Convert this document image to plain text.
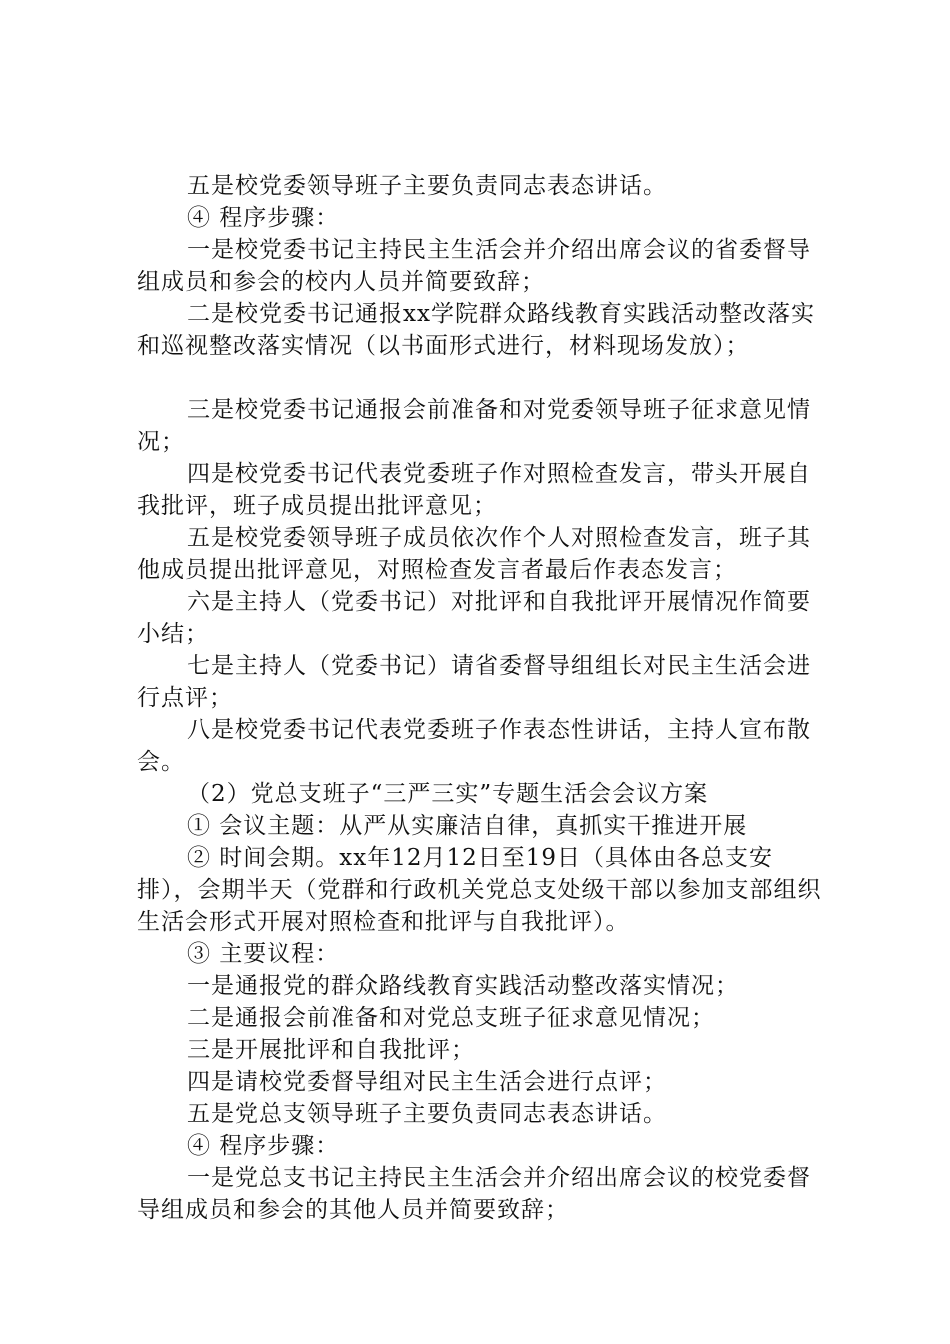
五是校党委领导班子主要负责同志表态讲话。

④ 程序步骤：

一是校党委书记主持民主生活会并介绍出席会议的省委督导组成员和参会的校内人员并简要致辞；

二是校党委书记通报xx学院群众路线教育实践活动整改落实和巡视整改落实情况（以书面形式进行，材料现场发放）；

三是校党委书记通报会前准备和对党委领导班子征求意见情况；

四是校党委书记代表党委班子作对照检查发言，带头开展自我批评，班子成员提出批评意见；

五是校党委领导班子成员依次作个人对照检查发言，班子其他成员提出批评意见，对照检查发言者最后作表态发言；

六是主持人（党委书记）对批评和自我批评开展情况作简要小结；

七是主持人（党委书记）请省委督导组组长对民主生活会进行点评；

八是校党委书记代表党委班子作表态性讲话，主持人宣布散会。

（2）党总支班子“三严三实”专题生活会会议方案

① 会议主题：从严从实廉洁自律，真抓实干推进开展

② 时间会期。xx年12月12日至19日（具体由各总支安排），会期半天（党群和行政机关党总支处级干部以参加支部组织生活会形式开展对照检查和批评与自我批评）。

③ 主要议程：

一是通报党的群众路线教育实践活动整改落实情况；

二是通报会前准备和对党总支班子征求意见情况；

三是开展批评和自我批评；

四是请校党委督导组对民主生活会进行点评；

五是党总支领导班子主要负责同志表态讲话。

④ 程序步骤：

一是党总支书记主持民主生活会并介绍出席会议的校党委督导组成员和参会的其他人员并简要致辞；
